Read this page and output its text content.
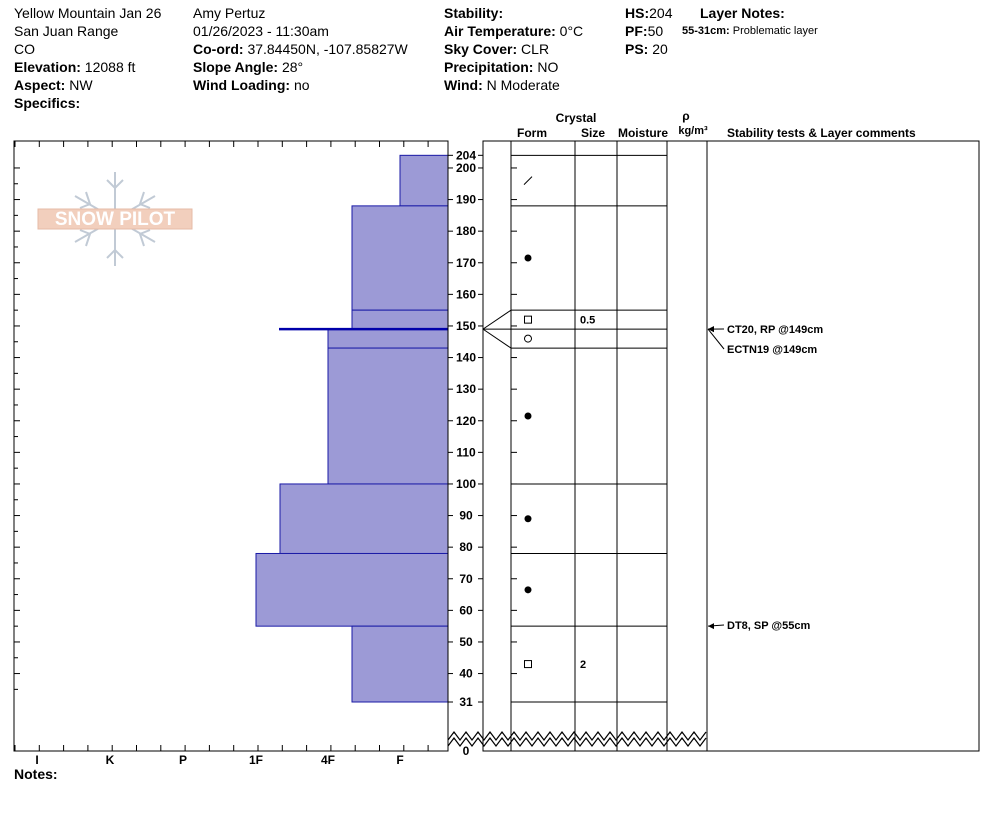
Yellow Mountain Jan 26
San Juan Range
CO
Elevation: 12088 ft
Aspect: NW
Specifics:
Amy Pertuz
01/26/2023 - 11:30am
Co-ord: 37.84450N, -107.85827W
Slope Angle: 28°
Wind Loading: no
Stability:
Air Temperature: 0°C
Sky Cover: CLR
Precipitation: NO
Wind: N Moderate
HS:204
PF:50
PS: 20
Layer Notes:
55-31cm: Problematic layer
Notes:
Crystal
Form	Size Moisture
ρ
kg/m³ Stability tests & Layer comments
SNOW PILOT
I	K	P	1F	4F	F
204
200
190
180
170
160
150
140
130
120
110
100
90
80
70
60
50
40
31
0
0.5
2
CT20, RP @149cm
ECTN19 @149cm
DT8, SP @55cm
